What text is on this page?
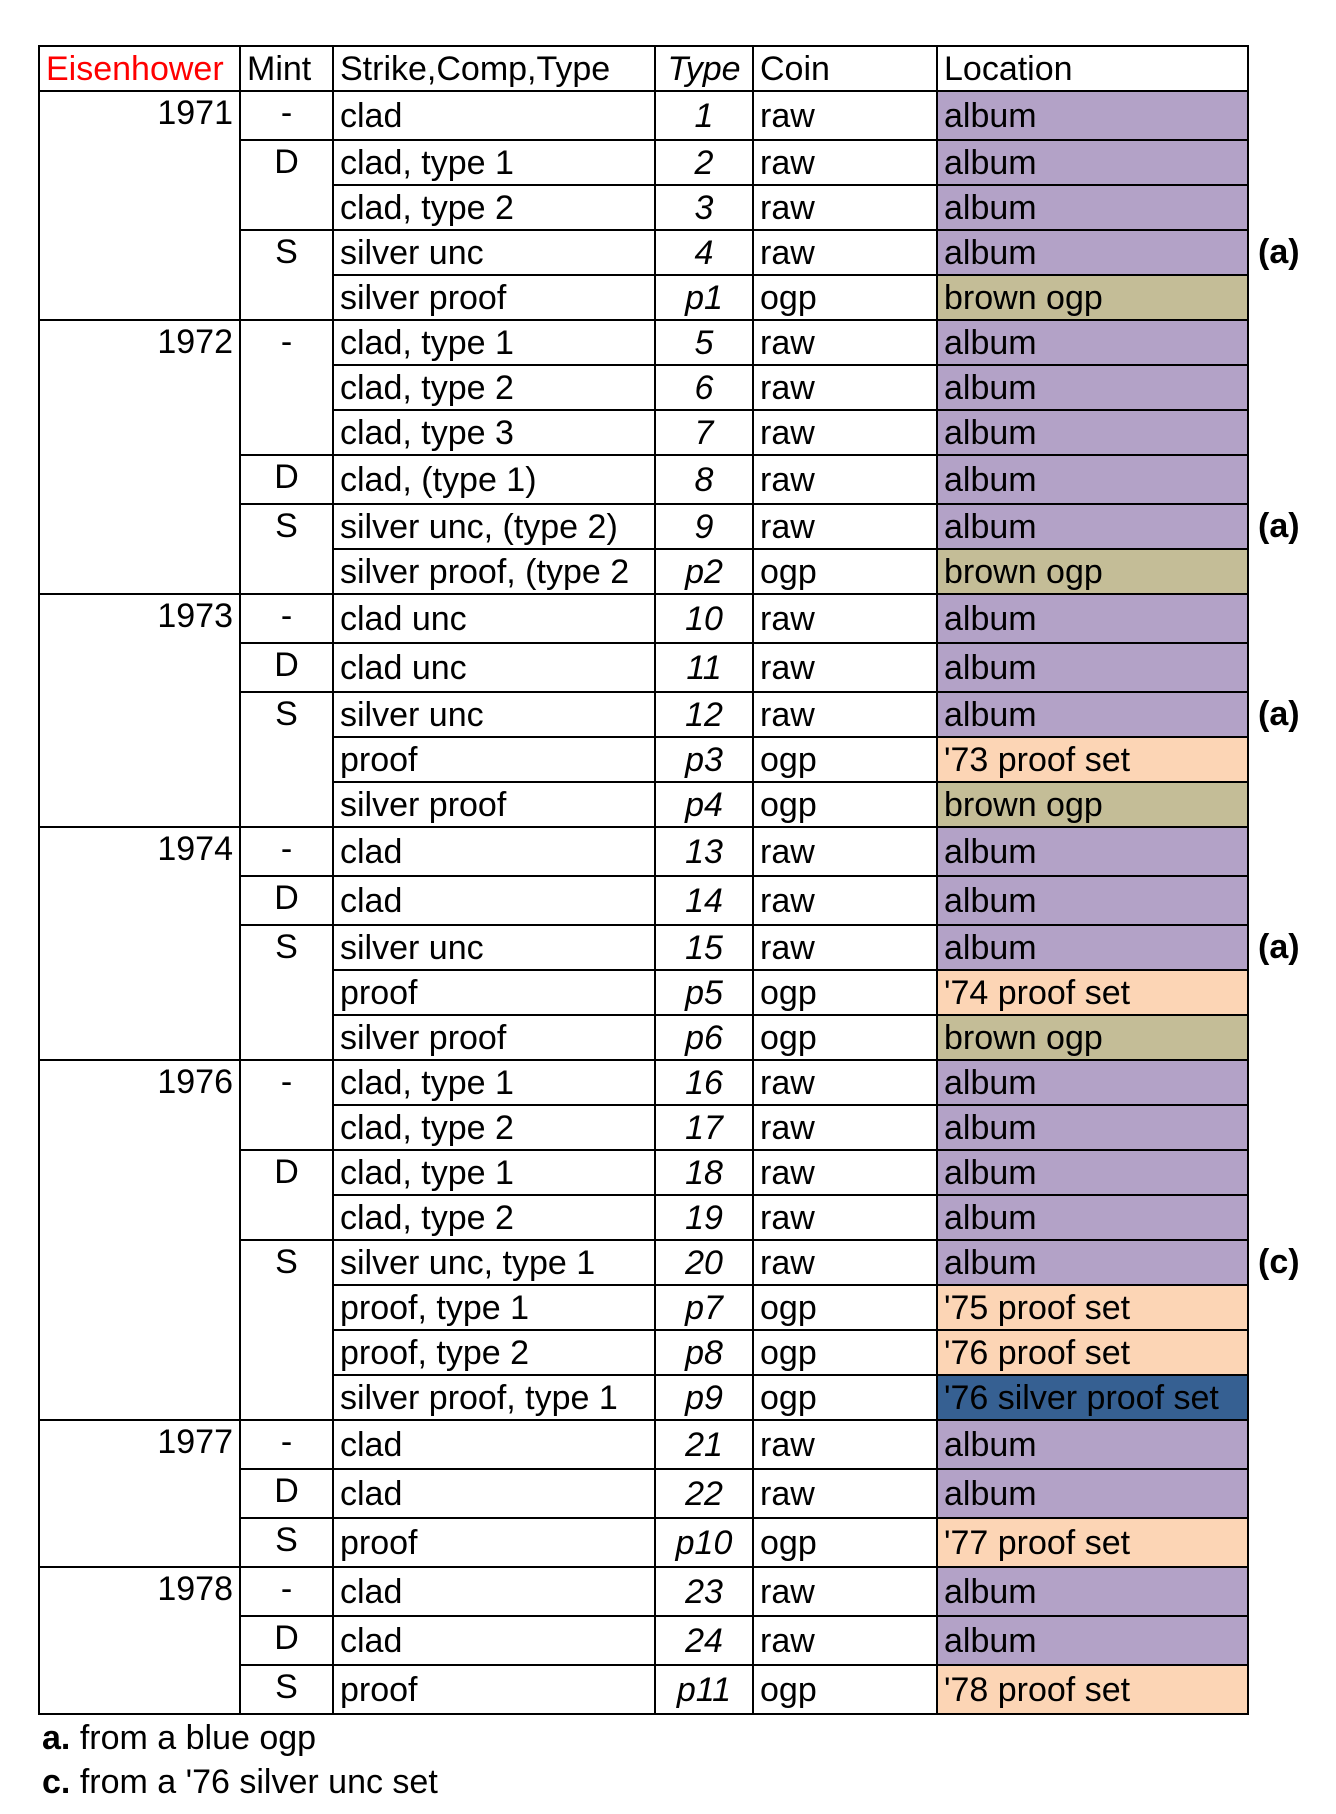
Eisenhower	Mint	Strike,Comp,Type	Type	Coin	Location
1971	-	clad	1	raw	album
	D	clad, type 1	2	raw	album
		clad, type 2	3	raw	album
	S	silver unc	4	raw	album
		silver proof	p1	ogp	brown ogp
1972	-	clad, type 1	5	raw	album
		clad, type 2	6	raw	album
		clad, type 3	7	raw	album
	D	clad, (type 1)	8	raw	album
	S	silver unc, (type 2)	9	raw	album
		silver proof, (type 2	p2	ogp	brown ogp
1973	-	clad unc	10	raw	album
	D	clad unc	11	raw	album
	S	silver unc	12	raw	album
		proof	p3	ogp	'73 proof set
		silver proof	p4	ogp	brown ogp
1974	-	clad	13	raw	album
	D	clad	14	raw	album
	S	silver unc	15	raw	album
		proof	p5	ogp	'74 proof set
		silver proof	p6	ogp	brown ogp
1976	-	clad, type 1	16	raw	album
		clad, type 2	17	raw	album
	D	clad, type 1	18	raw	album
		clad, type 2	19	raw	album
	S	silver unc, type 1	20	raw	album
		proof, type 1	p7	ogp	'75 proof set
		proof, type 2	p8	ogp	'76 proof set
		silver proof, type 1	p9	ogp	'76 silver proof set
1977	-	clad	21	raw	album
	D	clad	22	raw	album
	S	proof	p10	ogp	'77 proof set
1978	-	clad	23	raw	album
	D	clad	24	raw	album
	S	proof	p11	ogp	'78 proof set
(a)
(a)
(a)
(a)
(c)
a. from a blue ogp
c. from a '76 silver unc set
